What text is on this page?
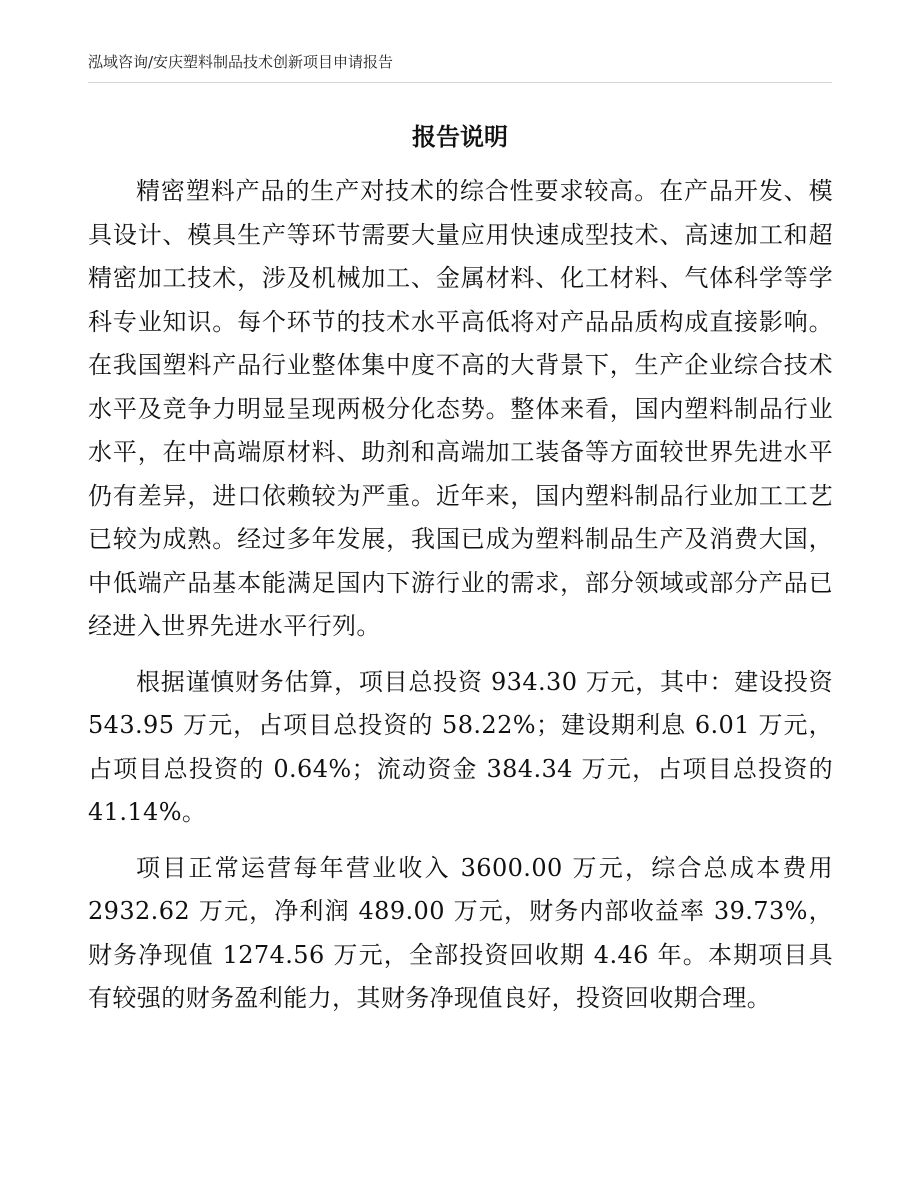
泓域咨询/安庆塑料制品技术创新项目申请报告
报告说明

精密塑料产品的生产对技术的综合性要求较高。在产品开发、模具设计、模具生产等环节需要大量应用快速成型技术、高速加工和超精密加工技术，涉及机械加工、金属材料、化工材料、气体科学等学科专业知识。每个环节的技术水平高低将对产品品质构成直接影响。在我国塑料产品行业整体集中度不高的大背景下，生产企业综合技术水平及竞争力明显呈现两极分化态势。整体来看，国内塑料制品行业水平，在中高端原材料、助剂和高端加工装备等方面较世界先进水平仍有差异，进口依赖较为严重。近年来，国内塑料制品行业加工工艺已较为成熟。经过多年发展，我国已成为塑料制品生产及消费大国，中低端产品基本能满足国内下游行业的需求，部分领域或部分产品已经进入世界先进水平行列。

根据谨慎财务估算，项目总投资 934.30 万元，其中：建设投资 543.95 万元，占项目总投资的 58.22%；建设期利息 6.01 万元，占项目总投资的 0.64%；流动资金 384.34 万元，占项目总投资的 41.14%。

项目正常运营每年营业收入 3600.00 万元，综合总成本费用 2932.62 万元，净利润 489.00 万元，财务内部收益率 39.73%，财务净现值 1274.56 万元，全部投资回收期 4.46 年。本期项目具有较强的财务盈利能力，其财务净现值良好，投资回收期合理。
